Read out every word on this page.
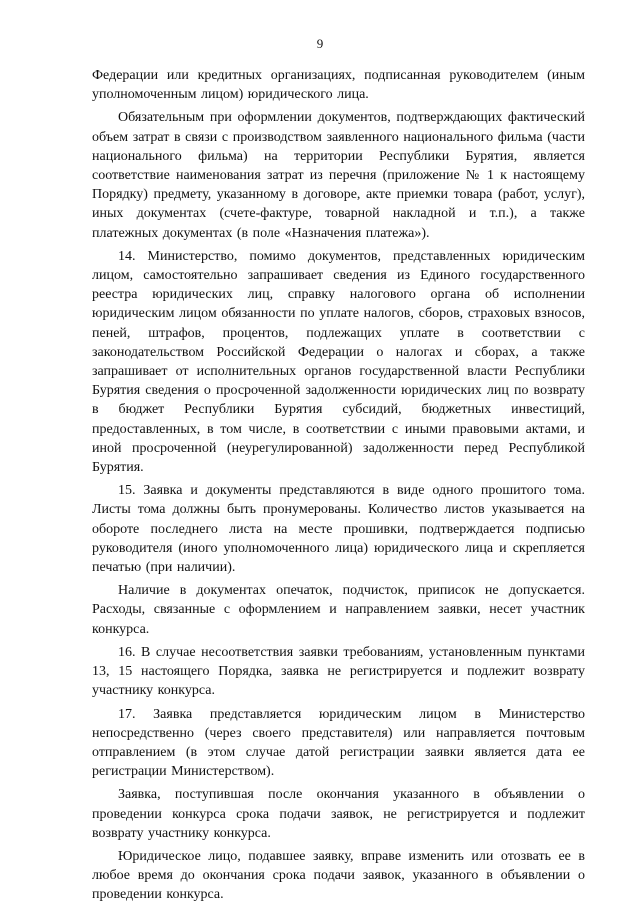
9

Федерации или кредитных организациях, подписанная руководителем (иным уполномоченным лицом) юридического лица.

Обязательным при оформлении документов, подтверждающих фактический объем затрат в связи с производством заявленного национального фильма (части национального фильма) на территории Республики Бурятия, является соответствие наименования затрат из перечня (приложение № 1 к настоящему Порядку) предмету, указанному в договоре, акте приемки товара (работ, услуг), иных документах (счете-фактуре, товарной накладной и т.п.), а также платежных документах (в поле «Назначения платежа»).

14. Министерство, помимо документов, представленных юридическим лицом, самостоятельно запрашивает сведения из Единого государственного реестра юридических лиц, справку налогового органа об исполнении юридическим лицом обязанности по уплате налогов, сборов, страховых взносов, пеней, штрафов, процентов, подлежащих уплате в соответствии с законодательством Российской Федерации о налогах и сборах, а также запрашивает от исполнительных органов государственной власти Республики Бурятия сведения о просроченной задолженности юридических лиц по возврату в бюджет Республики Бурятия субсидий, бюджетных инвестиций, предоставленных, в том числе, в соответствии с иными правовыми актами, и иной просроченной (неурегулированной) задолженности перед Республикой Бурятия.

15. Заявка и документы представляются в виде одного прошитого тома. Листы тома должны быть пронумерованы. Количество листов указывается на обороте последнего листа на месте прошивки, подтверждается подписью руководителя (иного уполномоченного лица) юридического лица и скрепляется печатью (при наличии).

Наличие в документах опечаток, подчисток, приписок не допускается. Расходы, связанные с оформлением и направлением заявки, несет участник конкурса.

16. В случае несоответствия заявки требованиям, установленным пунктами 13, 15 настоящего Порядка, заявка не регистрируется и подлежит возврату участнику конкурса.

17. Заявка представляется юридическим лицом в Министерство непосредственно (через своего представителя) или направляется почтовым отправлением (в этом случае датой регистрации заявки является дата ее регистрации Министерством).

Заявка, поступившая после окончания указанного в объявлении о проведении конкурса срока подачи заявок, не регистрируется и подлежит возврату участнику конкурса.

Юридическое лицо, подавшее заявку, вправе изменить или отозвать ее в любое время до окончания срока подачи заявок, указанного в объявлении о проведении конкурса.
